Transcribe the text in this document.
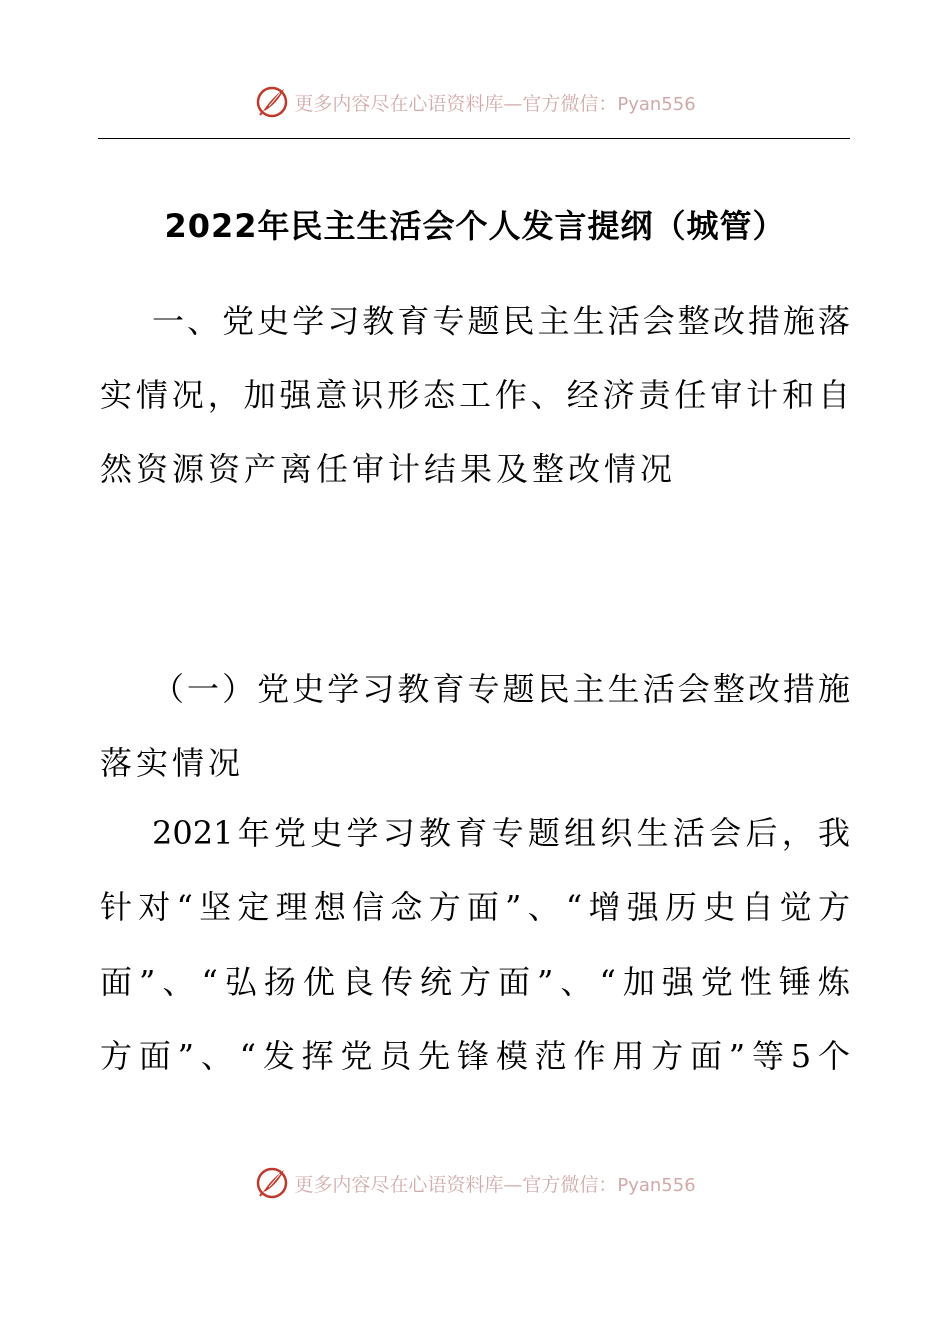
更多内容尽在心语资料库—官方微信：Pyan556
2022年民主生活会个人发言提纲（城管）
一、党史学习教育专题民主生活会整改措施落
实情况，加强意识形态工作、经济责任审计和自
然资源资产离任审计结果及整改情况
（一）党史学习教育专题民主生活会整改措施
落实情况
2021年党史学习教育专题组织生活会后，我
针对“坚定理想信念方面”、“增强历史自觉方
面”、“弘扬优良传统方面”、“加强党性锤炼
方面”、“发挥党员先锋模范作用方面”等5个
更多内容尽在心语资料库—官方微信：Pyan556
